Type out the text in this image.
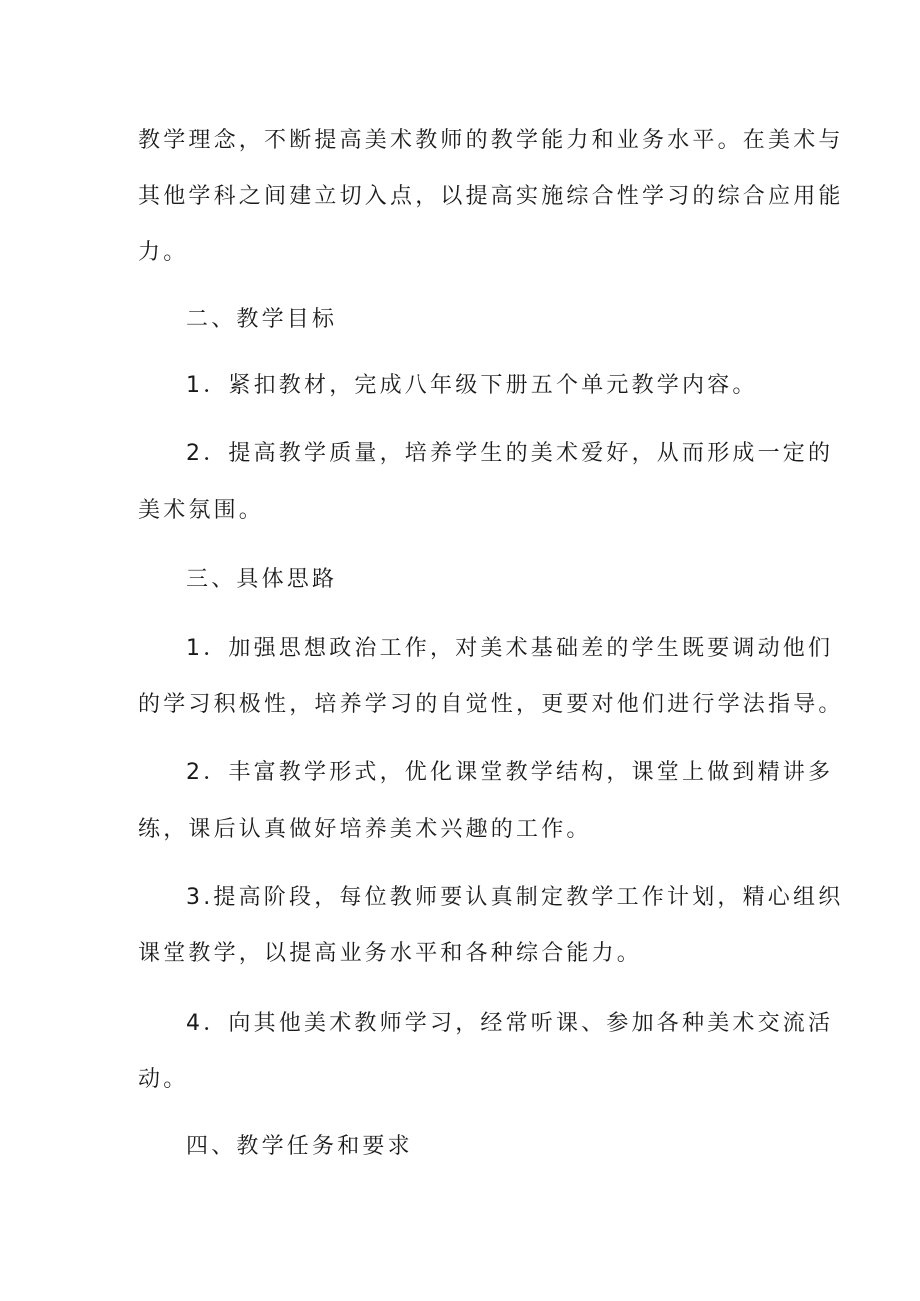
教学理念，不断提高美术教师的教学能力和业务水平。在美术与
其他学科之间建立切入点，以提高实施综合性学习的综合应用能
力。
二、教学目标
1．紧扣教材，完成八年级下册五个单元教学内容。
2．提高教学质量，培养学生的美术爱好，从而形成一定的
美术氛围。
三、具体思路
1．加强思想政治工作，对美术基础差的学生既要调动他们
的学习积极性，培养学习的自觉性，更要对他们进行学法指导。
2．丰富教学形式，优化课堂教学结构，课堂上做到精讲多
练，课后认真做好培养美术兴趣的工作。
3.提高阶段，每位教师要认真制定教学工作计划，精心组织
课堂教学，以提高业务水平和各种综合能力。
4．向其他美术教师学习，经常听课、参加各种美术交流活
动。
四、教学任务和要求
